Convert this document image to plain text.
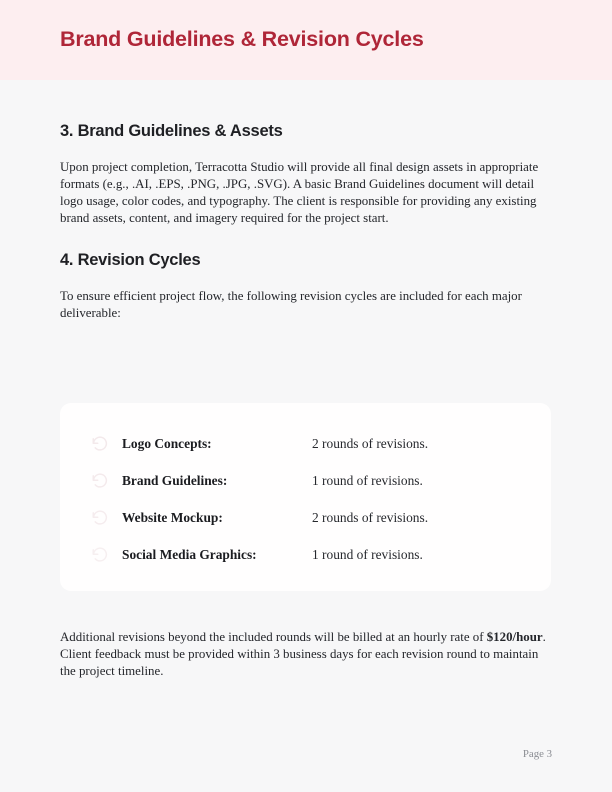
Brand Guidelines & Revision Cycles
3. Brand Guidelines & Assets

Upon project completion, Terracotta Studio will provide all final design assets in appropriate formats (e.g., .AI, .EPS, .PNG, .JPG, .SVG). A basic Brand Guidelines document will detail logo usage, color codes, and typography. The client is responsible for providing any existing brand assets, content, and imagery required for the project start.

4. Revision Cycles

To ensure efficient project flow, the following revision cycles are included for each major deliverable:

Logo Concepts:	2 rounds of revisions.
Brand Guidelines:	1 round of revisions.
Website Mockup:	2 rounds of revisions.
Social Media Graphics:	1 round of revisions.
Additional revisions beyond the included rounds will be billed at an hourly rate of $120/hour. Client feedback must be provided within 3 business days for each revision round to maintain the project timeline.
Page 3
